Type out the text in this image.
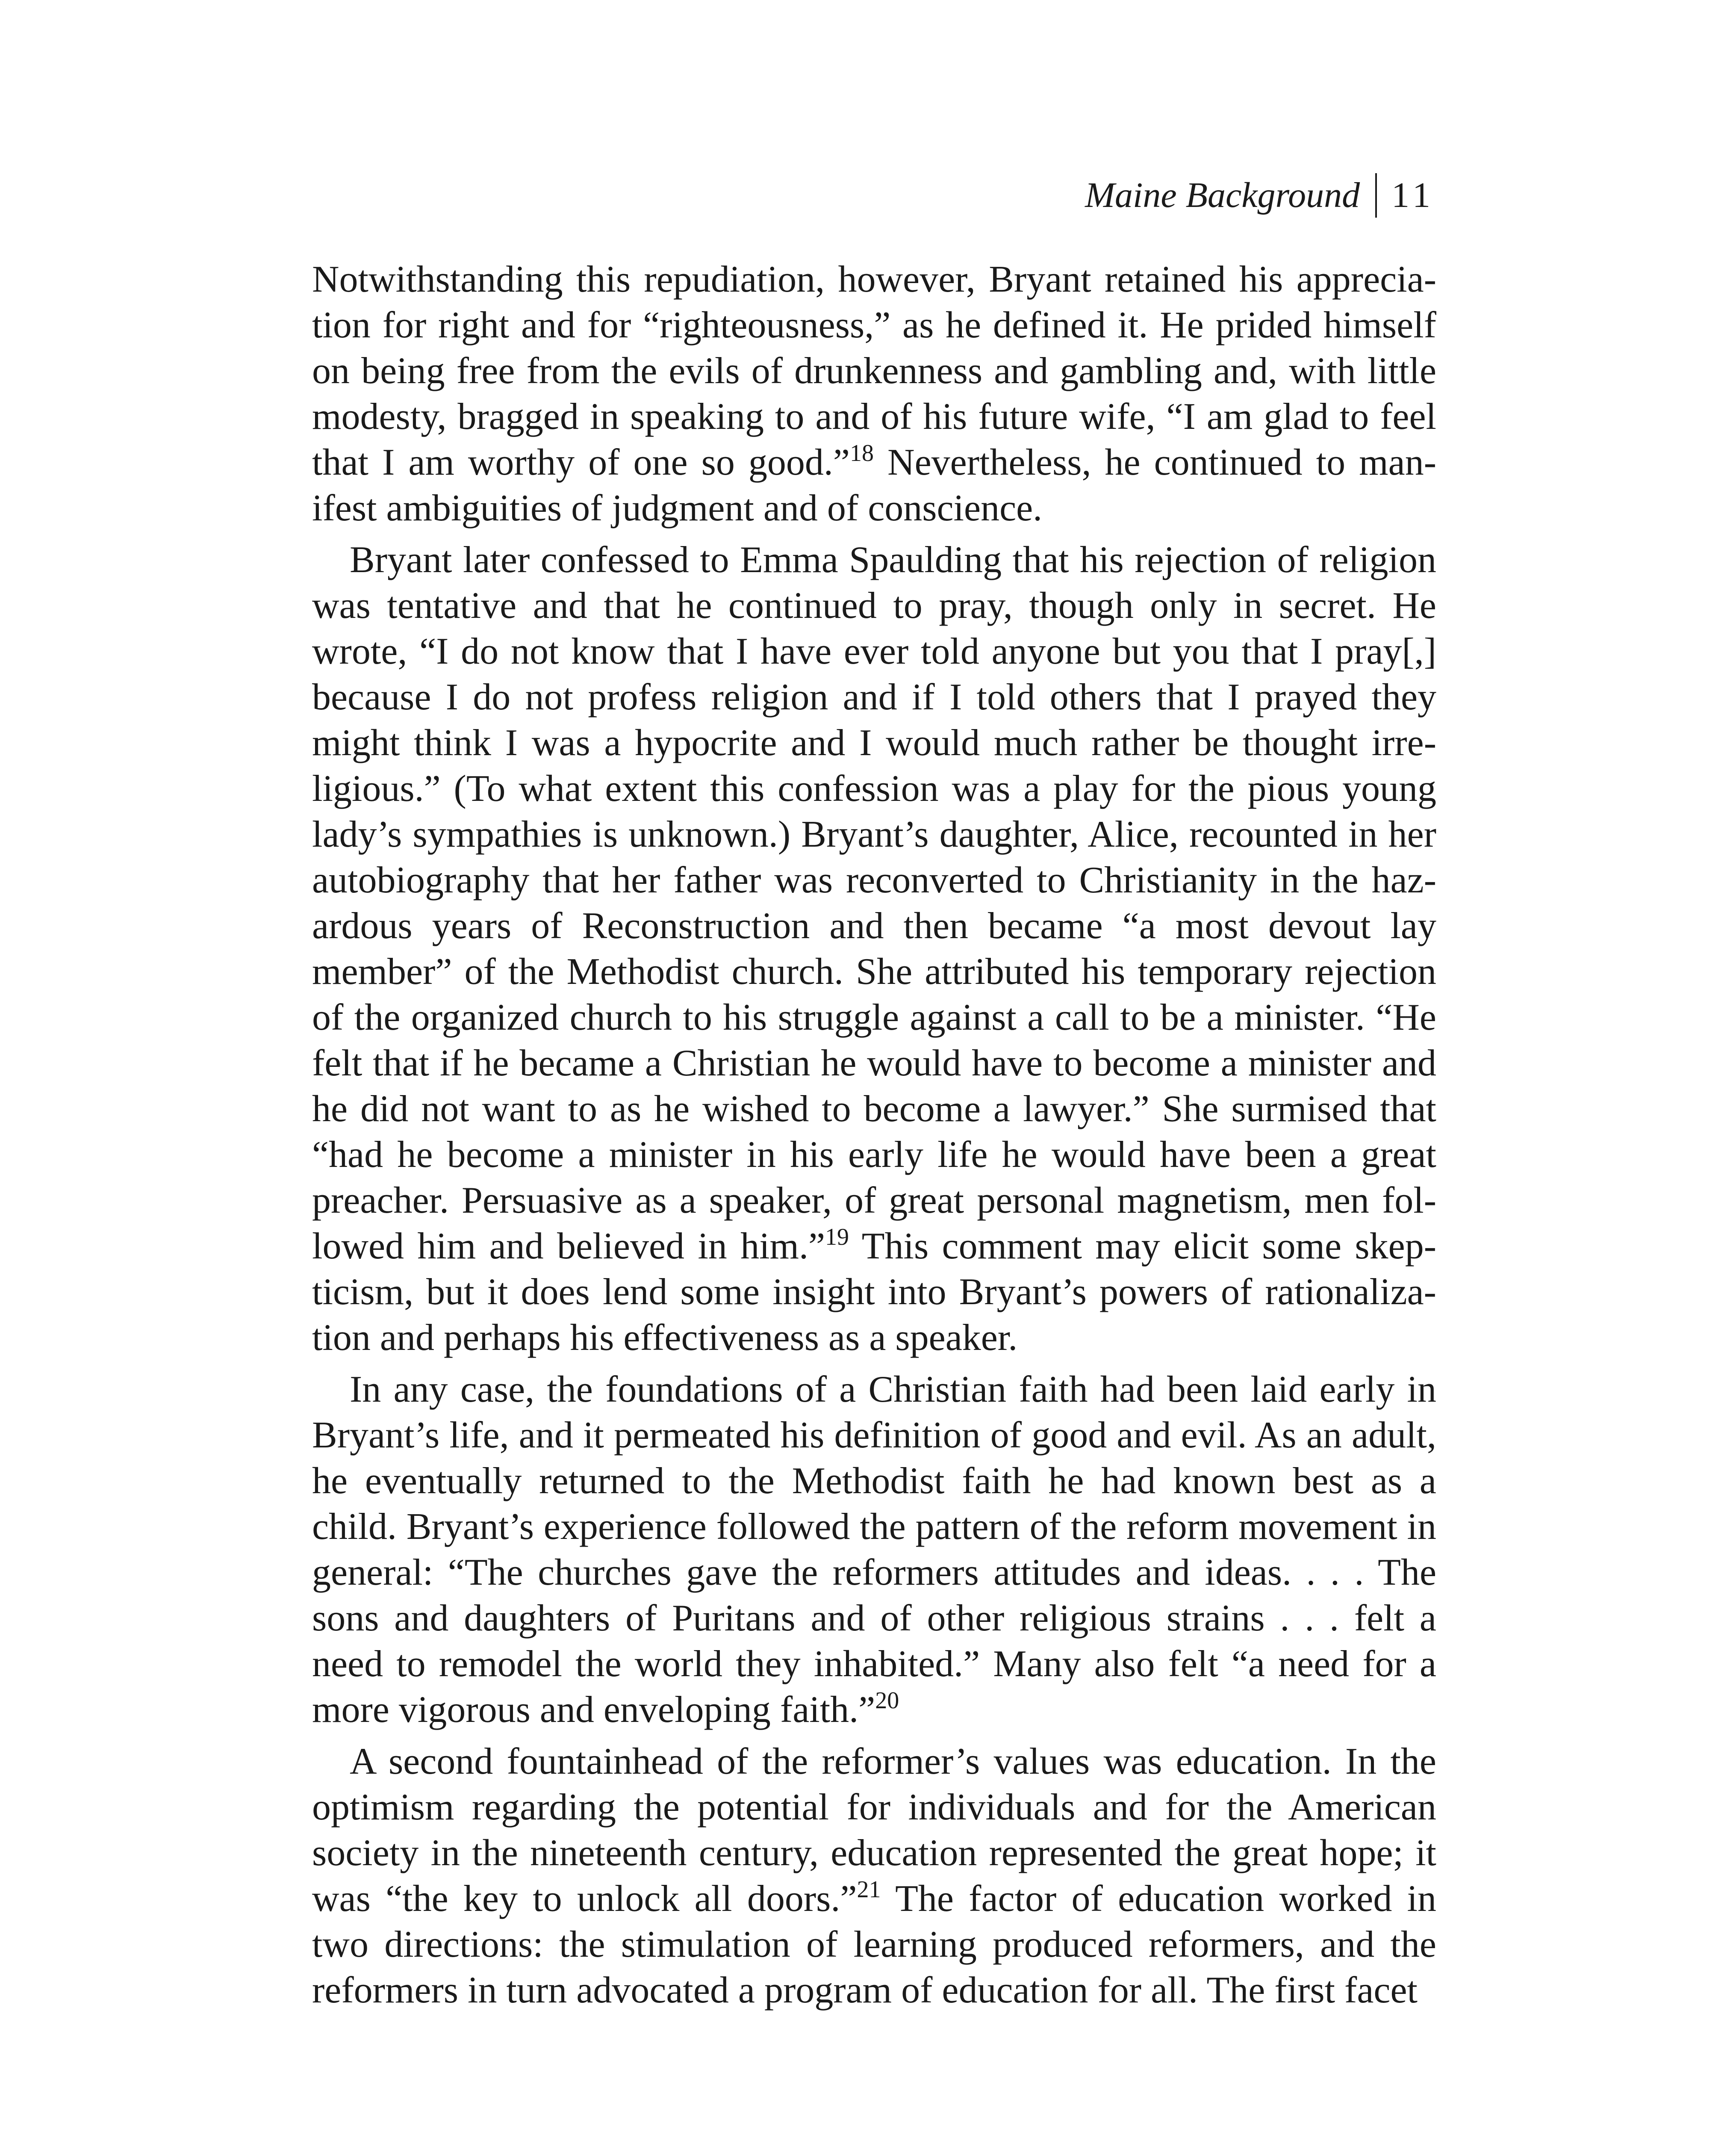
Maine Background 11
Notwithstanding this repudiation, however, Bryant retained his apprecia-
tion for right and for “righteousness,” as he defined it. He prided himself
on being free from the evils of drunkenness and gambling and, with little
modesty, bragged in speaking to and of his future wife, “I am glad to feel
that I am worthy of one so good.”$^{18}$ Nevertheless, he continued to man-
ifest ambiguities of judgment and of conscience.
Bryant later confessed to Emma Spaulding that his rejection of religion
was tentative and that he continued to pray, though only in secret. He
wrote, “I do not know that I have ever told anyone but you that I pray[,]
because I do not profess religion and if I told others that I prayed they
might think I was a hypocrite and I would much rather be thought irre-
ligious.” (To what extent this confession was a play for the pious young
lady’s sympathies is unknown.) Bryant’s daughter, Alice, recounted in her
autobiography that her father was reconverted to Christianity in the haz-
ardous years of Reconstruction and then became “a most devout lay
member” of the Methodist church. She attributed his temporary rejection
of the organized church to his struggle against a call to be a minister. “He
felt that if he became a Christian he would have to become a minister and
he did not want to as he wished to become a lawyer.” She surmised that
“had he become a minister in his early life he would have been a great
preacher. Persuasive as a speaker, of great personal magnetism, men fol-
lowed him and believed in him.”$^{19}$ This comment may elicit some skep-
ticism, but it does lend some insight into Bryant’s powers of rationaliza-
tion and perhaps his effectiveness as a speaker.
In any case, the foundations of a Christian faith had been laid early in
Bryant’s life, and it permeated his definition of good and evil. As an adult,
he eventually returned to the Methodist faith he had known best as a
child. Bryant’s experience followed the pattern of the reform movement in
general: “The churches gave the reformers attitudes and ideas. . . . The
sons and daughters of Puritans and of other religious strains . . . felt a
need to remodel the world they inhabited.” Many also felt “a need for a
more vigorous and enveloping faith.”$^{20}$
A second fountainhead of the reformer’s values was education. In the
optimism regarding the potential for individuals and for the American
society in the nineteenth century, education represented the great hope; it
was “the key to unlock all doors.”$^{21}$ The factor of education worked in
two directions: the stimulation of learning produced reformers, and the
reformers in turn advocated a program of education for all. The first facet
